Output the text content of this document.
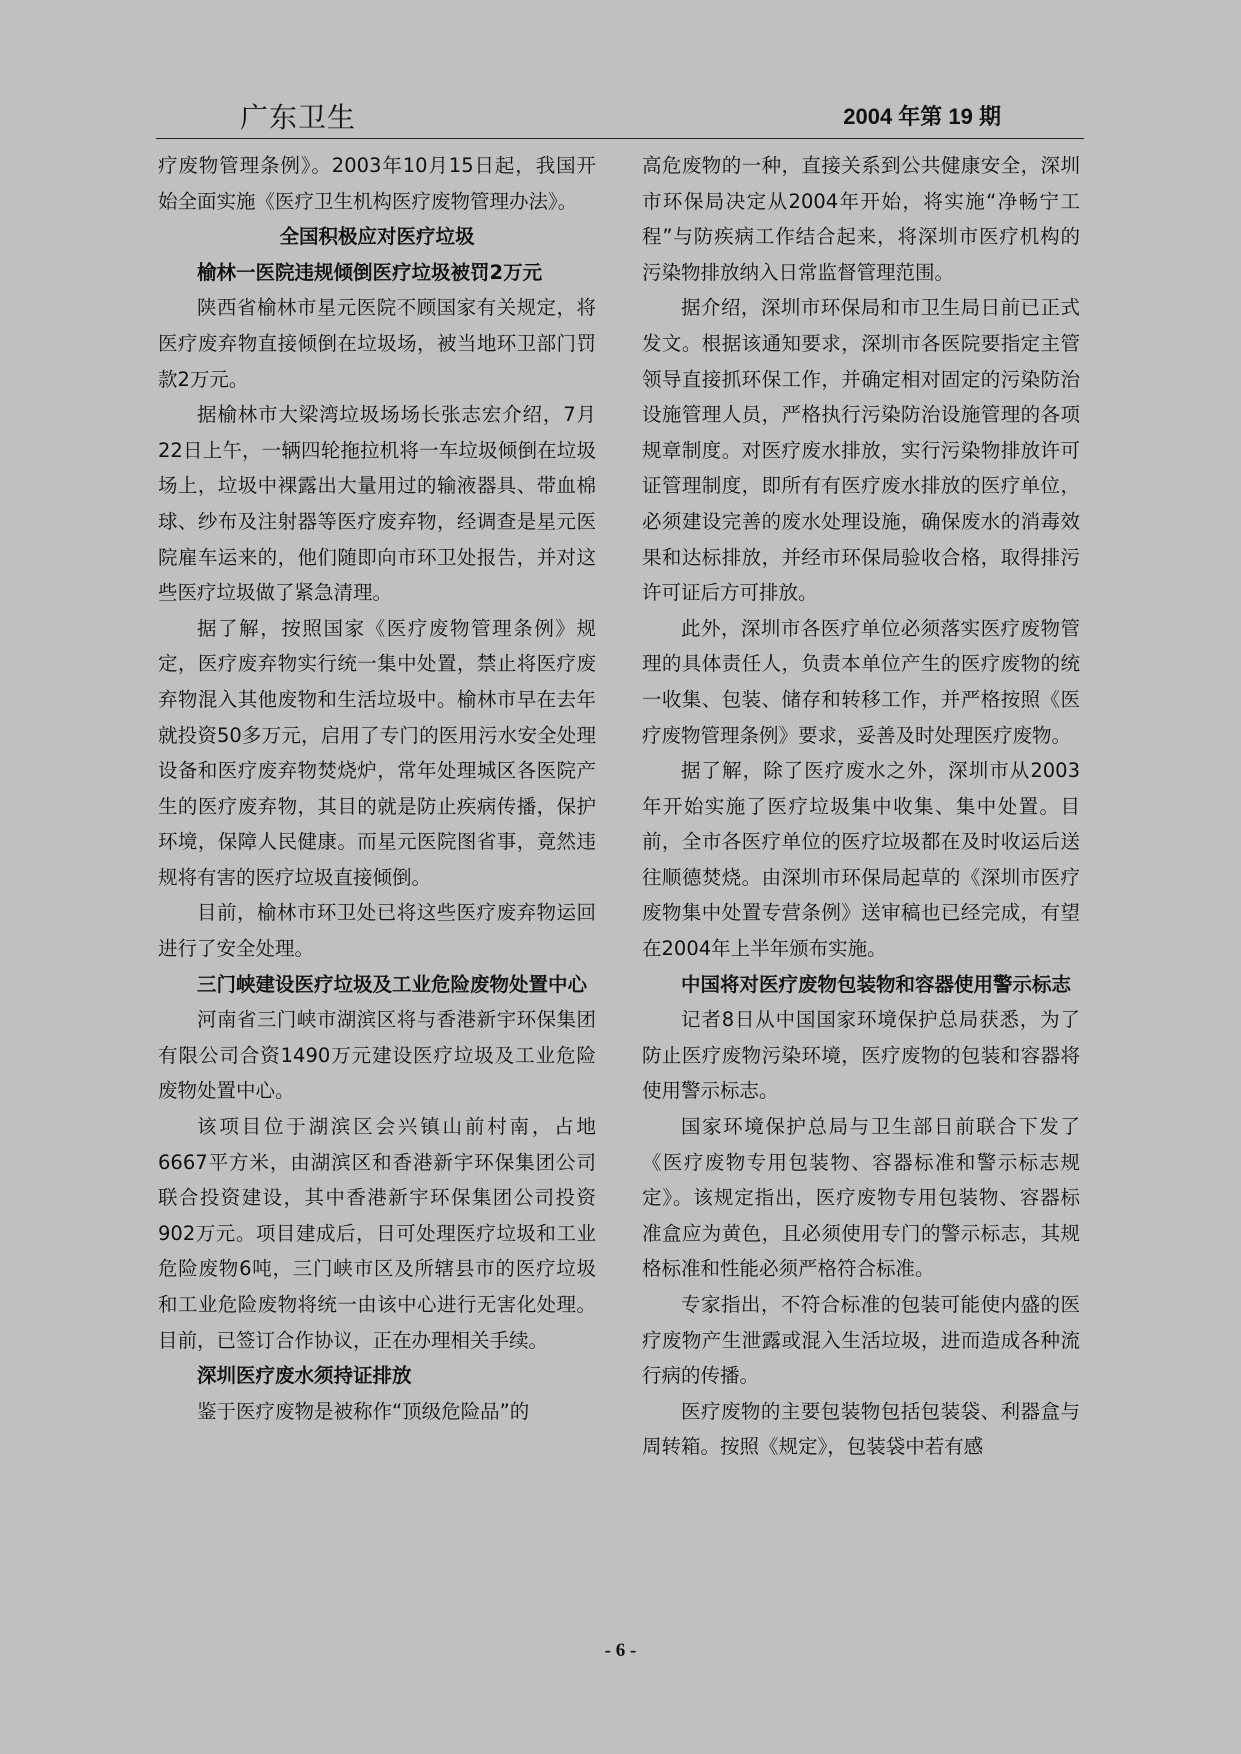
广东卫生	2004 年第 19 期

疗废物管理条例》。2003年10月15日起，我国开始全面实施《医疗卫生机构医疗废物管理办法》。

全国积极应对医疗垃圾
榆林一医院违规倾倒医疗垃圾被罚2万元

陕西省榆林市星元医院不顾国家有关规定，将医疗废弃物直接倾倒在垃圾场，被当地环卫部门罚款2万元。

据榆林市大梁湾垃圾场场长张志宏介绍，7月22日上午，一辆四轮拖拉机将一车垃圾倾倒在垃圾场上，垃圾中裸露出大量用过的输液器具、带血棉球、纱布及注射器等医疗废弃物，经调查是星元医院雇车运来的，他们随即向市环卫处报告，并对这些医疗垃圾做了紧急清理。

据了解，按照国家《医疗废物管理条例》规定，医疗废弃物实行统一集中处置，禁止将医疗废弃物混入其他废物和生活垃圾中。榆林市早在去年就投资50多万元，启用了专门的医用污水安全处理设备和医疗废弃物焚烧炉，常年处理城区各医院产生的医疗废弃物，其目的就是防止疾病传播，保护环境，保障人民健康。而星元医院图省事，竟然违规将有害的医疗垃圾直接倾倒。

目前，榆林市环卫处已将这些医疗废弃物运回进行了安全处理。

三门峡建设医疗垃圾及工业危险废物处置中心

河南省三门峡市湖滨区将与香港新宇环保集团有限公司合资1490万元建设医疗垃圾及工业危险废物处置中心。

该项目位于湖滨区会兴镇山前村南，占地6667平方米，由湖滨区和香港新宇环保集团公司联合投资建设，其中香港新宇环保集团公司投资902万元。项目建成后，日可处理医疗垃圾和工业危险废物6吨，三门峡市区及所辖县市的医疗垃圾和工业危险废物将统一由该中心进行无害化处理。目前，已签订合作协议，正在办理相关手续。

深圳医疗废水须持证排放

鉴于医疗废物是被称作“顶级危险品”的

高危废物的一种，直接关系到公共健康安全，深圳市环保局决定从2004年开始，将实施“净畅宁工程”与防疾病工作结合起来，将深圳市医疗机构的污染物排放纳入日常监督管理范围。

据介绍，深圳市环保局和市卫生局日前已正式发文。根据该通知要求，深圳市各医院要指定主管领导直接抓环保工作，并确定相对固定的污染防治设施管理人员，严格执行污染防治设施管理的各项规章制度。对医疗废水排放，实行污染物排放许可证管理制度，即所有有医疗废水排放的医疗单位，必须建设完善的废水处理设施，确保废水的消毒效果和达标排放，并经市环保局验收合格，取得排污许可证后方可排放。

此外，深圳市各医疗单位必须落实医疗废物管理的具体责任人，负责本单位产生的医疗废物的统一收集、包装、储存和转移工作，并严格按照《医疗废物管理条例》要求，妥善及时处理医疗废物。

据了解，除了医疗废水之外，深圳市从2003年开始实施了医疗垃圾集中收集、集中处置。目前，全市各医疗单位的医疗垃圾都在及时收运后送往顺德焚烧。由深圳市环保局起草的《深圳市医疗废物集中处置专营条例》送审稿也已经完成，有望在2004年上半年颁布实施。

中国将对医疗废物包装物和容器使用警示标志

记者8日从中国国家环境保护总局获悉，为了防止医疗废物污染环境，医疗废物的包装和容器将使用警示标志。

国家环境保护总局与卫生部日前联合下发了《医疗废物专用包装物、容器标准和警示标志规定》。该规定指出，医疗废物专用包装物、容器标准盒应为黄色，且必须使用专门的警示标志，其规格标准和性能必须严格符合标准。

专家指出，不符合标准的包装可能使内盛的医疗废物产生泄露或混入生活垃圾，进而造成各种流行病的传播。

医疗废物的主要包装物包括包装袋、利器盒与周转箱。按照《规定》，包装袋中若有感

- 6 -
